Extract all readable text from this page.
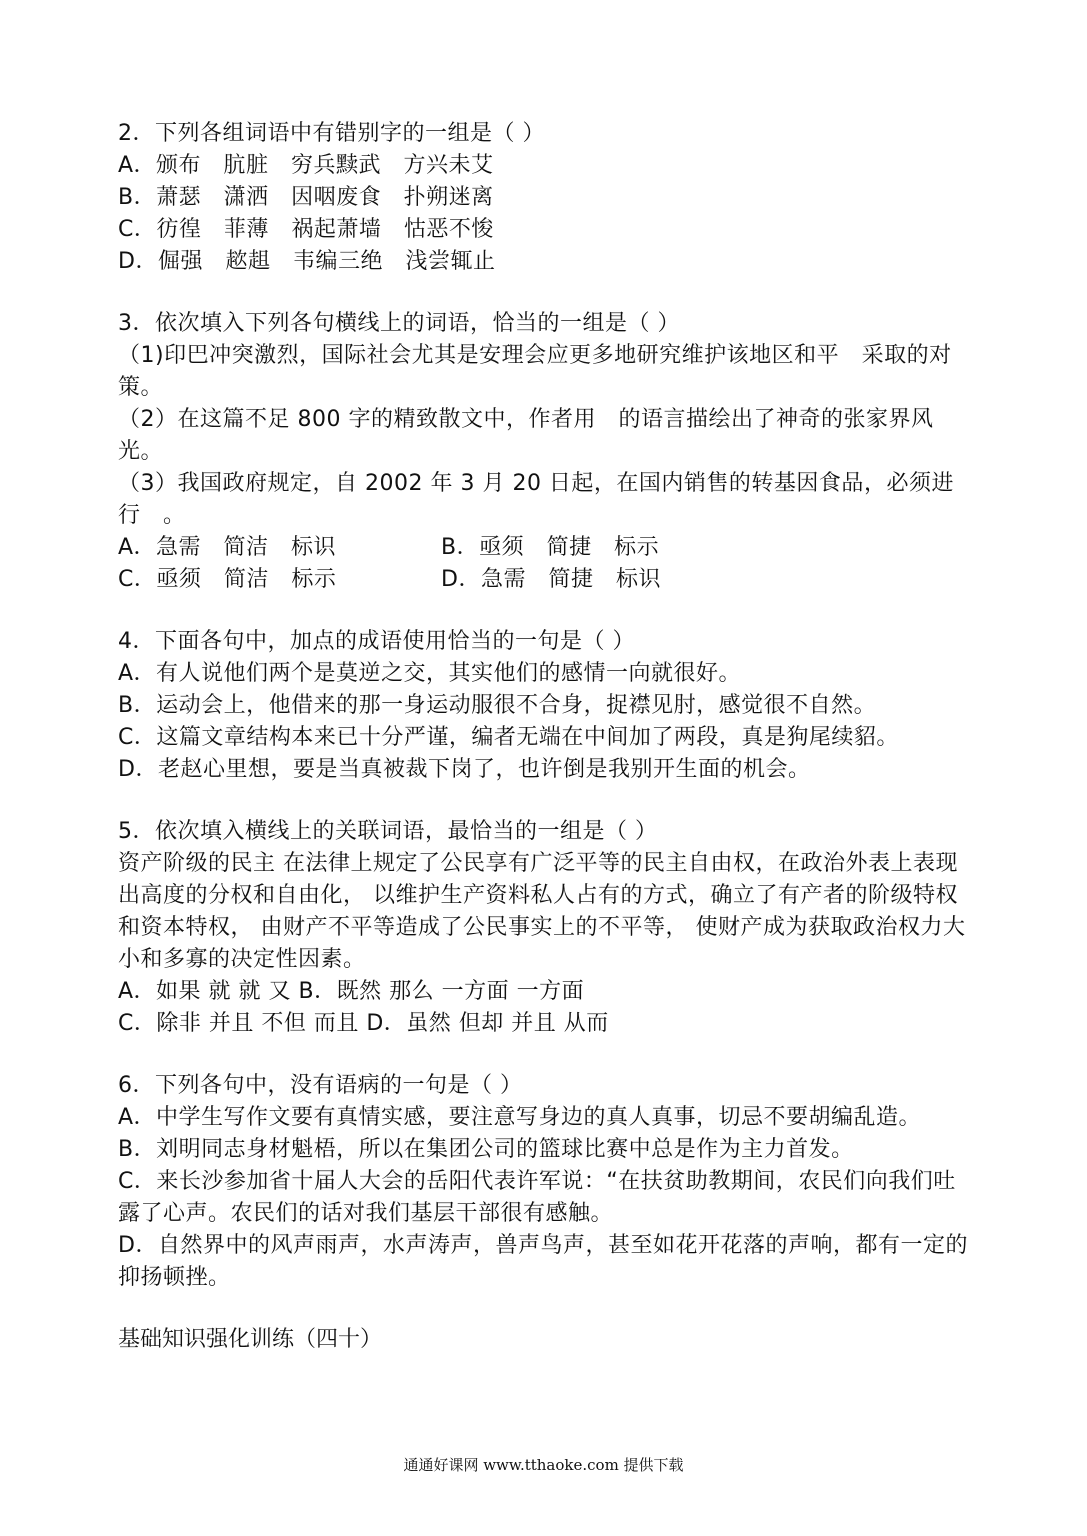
2．下列各组词语中有错别字的一组是（ ）
A．颁布　肮脏　穷兵黩武　方兴未艾
B．萧瑟　潇洒　因咽废食　扑朔迷离
C．彷徨　菲薄　祸起萧墙　怙恶不悛
D．倔强　趑趄　韦编三绝　浅尝辄止
3．依次填入下列各句横线上的词语，恰当的一组是（ ）
（1)印巴冲突激烈，国际社会尤其是安理会应更多地研究维护该地区和平　采取的对策。
（2）在这篇不足 800 字的精致散文中，作者用　的语言描绘出了神奇的张家界风光。
（3）我国政府规定，自 2002 年 3 月 20 日起，在国内销售的转基因食品，必须进行　。
A．急需　简洁　标识	B．亟须　简捷　标示
C．亟须　简洁　标示	D．急需　简捷　标识
4．下面各句中，加点的成语使用恰当的一句是（ ）
A．有人说他们两个是莫逆之交，其实他们的感情一向就很好。
B．运动会上，他借来的那一身运动服很不合身，捉襟见肘，感觉很不自然。
C．这篇文章结构本来已十分严谨，编者无端在中间加了两段，真是狗尾续貂。
D．老赵心里想，要是当真被裁下岗了，也许倒是我别开生面的机会。
5．依次填入横线上的关联词语，最恰当的一组是（ ）
资产阶级的民主 在法律上规定了公民享有广泛平等的民主自由权，在政治外表上表现出高度的分权和自由化， 以维护生产资料私人占有的方式，确立了有产者的阶级特权和资本特权， 由财产不平等造成了公民事实上的不平等， 使财产成为获取政治权力大小和多寡的决定性因素。
A．如果 就 就 又 B．既然 那么 一方面 一方面
C．除非 并且 不但 而且 D．虽然 但却 并且 从而
6．下列各句中，没有语病的一句是（ ）
A．中学生写作文要有真情实感，要注意写身边的真人真事，切忌不要胡编乱造。
B．刘明同志身材魁梧，所以在集团公司的篮球比赛中总是作为主力首发。
C．来长沙参加省十届人大会的岳阳代表许军说：“在扶贫助教期间，农民们向我们吐露了心声。农民们的话对我们基层干部很有感触。
D．自然界中的风声雨声，水声涛声，兽声鸟声，甚至如花开花落的声响，都有一定的抑扬顿挫。
基础知识强化训练（四十）
通通好课网 www.tthaoke.com 提供下载
